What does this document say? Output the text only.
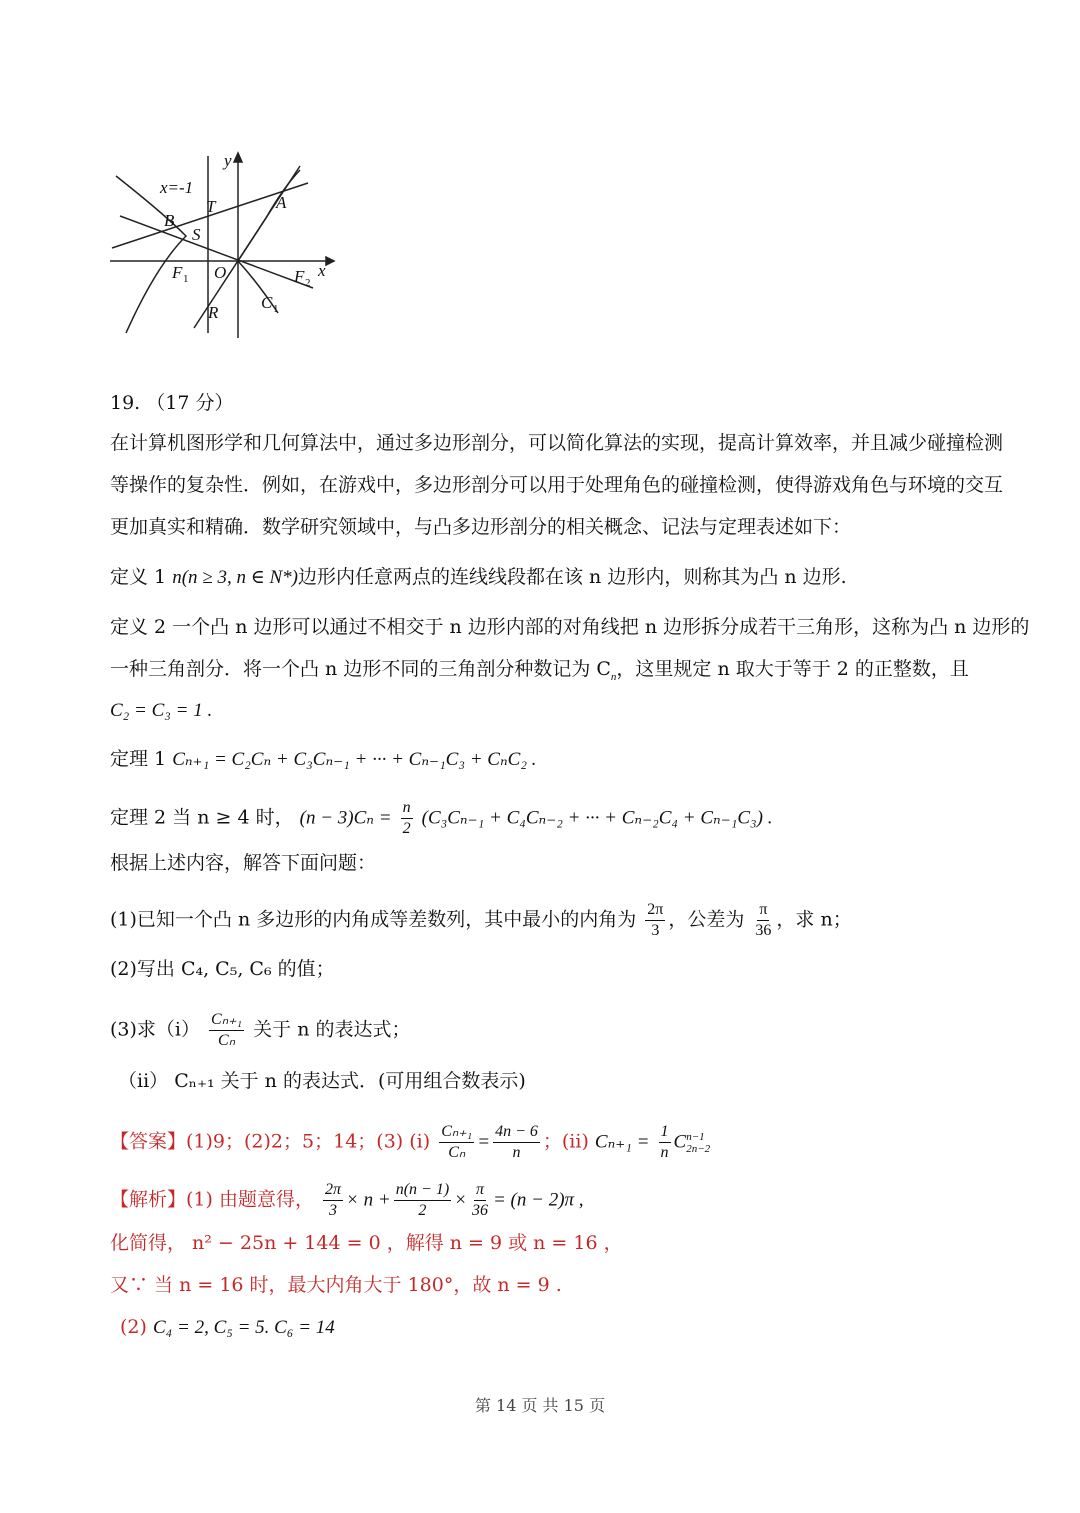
x=-1
y
x
T	A
B
S
F 1 O	F 2
R
C 1
19. （17 分）
在计算机图形学和几何算法中，通过多边形剖分，可以简化算法的实现，提高计算效率，并且减少碰撞检测
等操作的复杂性．例如，在游戏中，多边形剖分可以用于处理角色的碰撞检测，使得游戏角色与环境的交互
更加真实和精确．数学研究领域中，与凸多边形剖分的相关概念、记法与定理表述如下：
定义 1 n(n ≥ 3, n ∈ N*)边形内任意两点的连线线段都在该 n 边形内，则称其为凸 n 边形.
定义 2 一个凸 n 边形可以通过不相交于 n 边形内部的对角线把 n 边形拆分成若干三角形，这称为凸 n 边形的
一种三角剖分．将一个凸 n 边形不同的三角剖分种数记为 $C_n$，这里规定 n 取大于等于 2 的正整数，且
C₂ = C₃ = 1 .
定理 1 Cₙ₊₁ = C₂Cₙ + C₃Cₙ₋₁ + ··· + Cₙ₋₁C₃ + CₙC₂ .
定理 2 当 n ≥ 4 时， $(n - 3)C_n = \frac{n}{2} (C_3C_{n-1} + C_4C_{n-2}$ + ··· + Cₙ₋₂C₄ + Cₙ₋₁C₃) .
根据上述内容，解答下面问题：
(1)已知一个凸 n 多边形的内角成等差数列，其中最小的内角为 $\frac{2\pi}{3}$ ，公差为 $\frac{\pi}{36}$ ，求 n；
(2)写出 C₄, C₅, C₆ 的值；
(3)求$(i) \frac{\text{Cₙ₊₁}}{\text{Cₙ}}$ 关于 n 的表达式；
（ii） Cₙ₊₁ 关于 n 的表达式．(可用组合数表示)
【答案】(1)9；(2)2；5；14；(3) $(i) \frac{\text{Cₙ₊₁}}{\text{Cₙ}} = \frac{4n - 6}{n}$ ；(ii) $C_{n+1} = \frac{1}{n}$ C n−1
2n−2
【解析】(1) 由题意得， $\frac{2\pi}{3} \times n + \frac{n(n - 1)}{2} \times \frac{\pi}{36} = (n - 2)\pi$ ,
化简得， n² − 25n + 144 = 0 ，解得 n = 9 或 n = 16 ，
又∵ 当 n = 16 时，最大内角大于 180°，故 n = 9 .
(2) C₄ = 2, C₅ = 5. C₆ = 14
第 14 页 共 15 页
